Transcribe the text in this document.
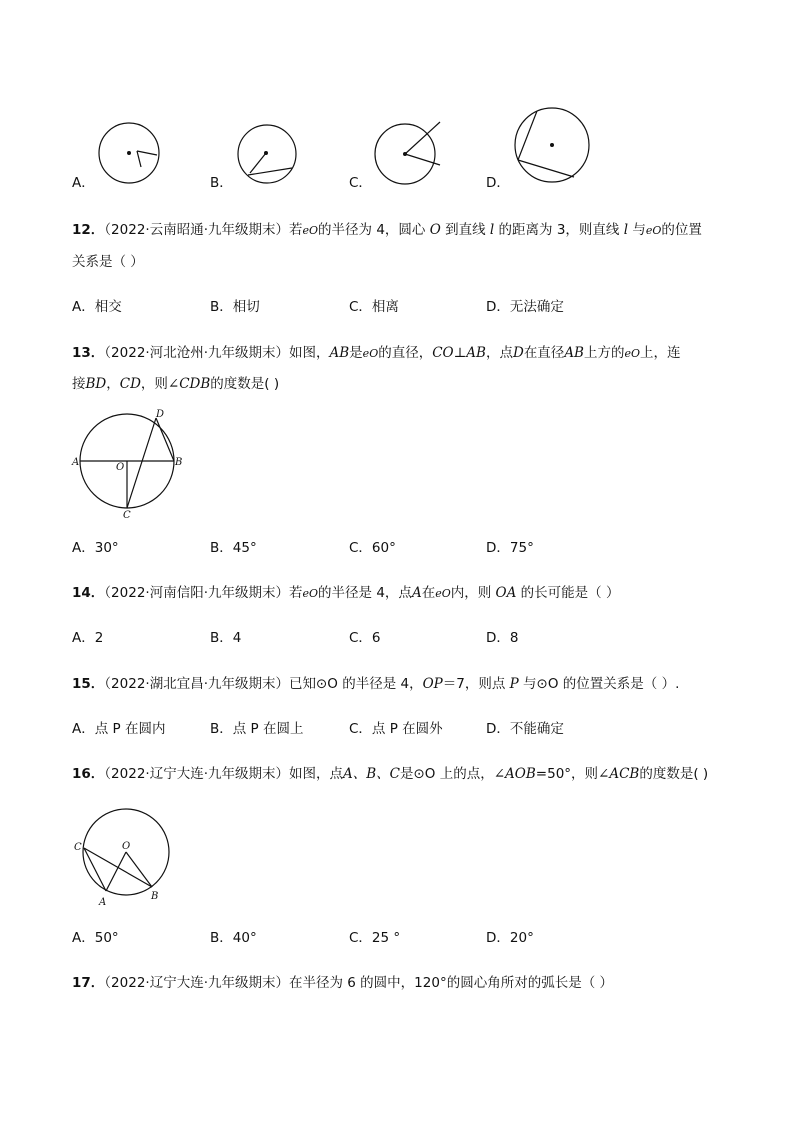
A．	B．	C．	D．
12．（2022·云南昭通·九年级期末）若eO的半径为 4，圆心 O 到直线 l 的距离为 3，则直线 l 与eO的位置
关系是（ ）
A．相交	B．相切	C．相离	D．无法确定
13．（2022·河北沧州·九年级期末）如图，AB是eO的直径，CO⊥AB，点D在直径AB上方的eO上，连
接BD，CD，则∠CDB的度数是( )
A	B
C
D
O
A．30°	B．45°	C．60°	D．75°
14．（2022·河南信阳·九年级期末）若eO的半径是 4，点A在eO内，则 OA 的长可能是（ ）
A．2	B．4	C．6	D．8
15．（2022·湖北宜昌·九年级期末）已知⊙O 的半径是 4，OP＝7，则点 P 与⊙O 的位置关系是（ ）.
A．点 P 在圆内	B．点 P 在圆上	C．点 P 在圆外	D．不能确定
16．（2022·辽宁大连·九年级期末）如图，点A、B、C是⊙O 上的点，∠AOB=50°，则∠ACB的度数是( )
C	O
A
B
A．50°	B．40°	C．25 °	D．20°
17．（2022·辽宁大连·九年级期末）在半径为 6 的圆中，120°的圆心角所对的弧长是（ ）
